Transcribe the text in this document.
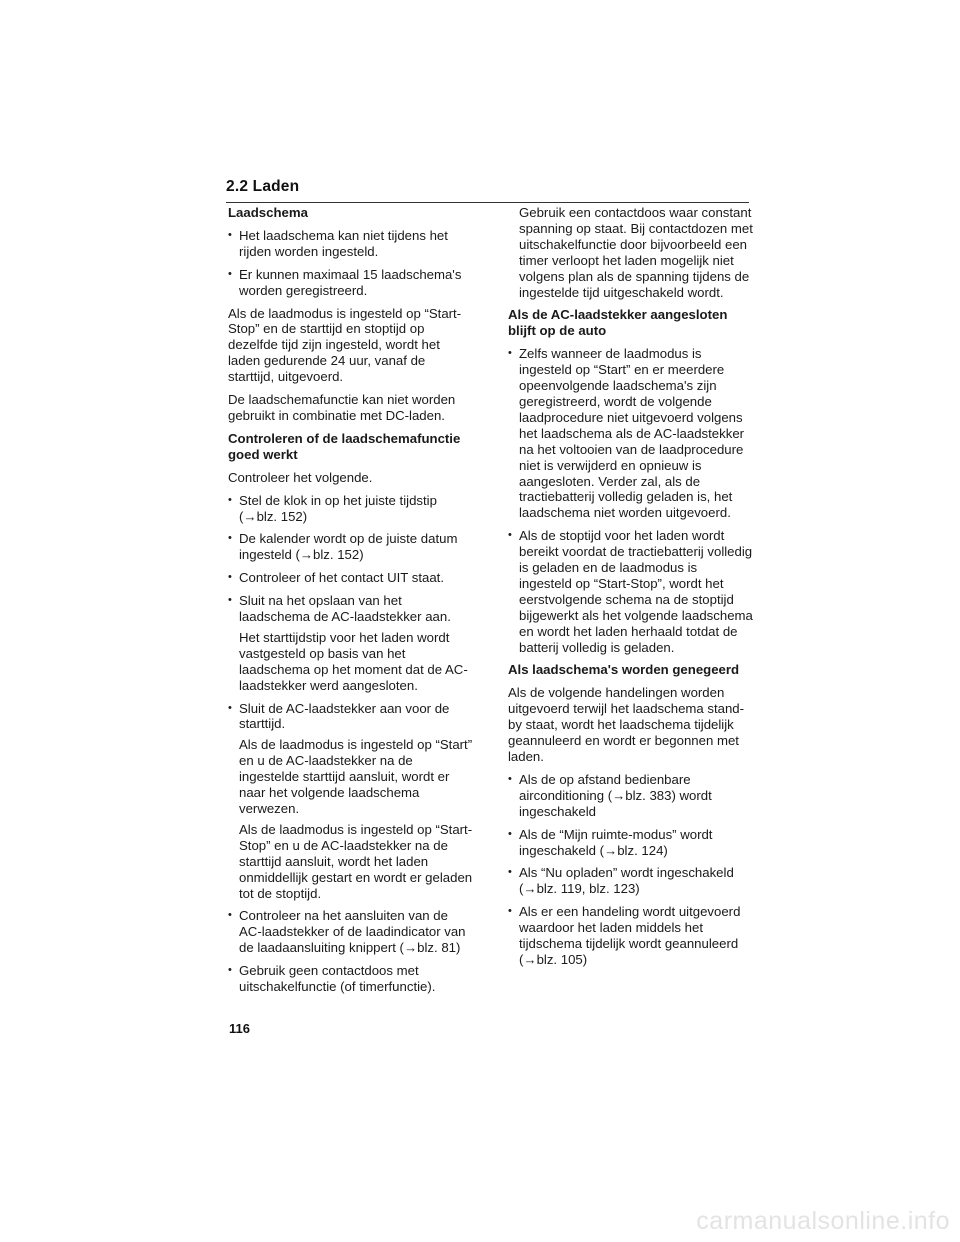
2.2 Laden
Laadschema
• Het laadschema kan niet tijdens het rijden worden ingesteld.
• Er kunnen maximaal 15 laadschema's worden geregistreerd.

Als de laadmodus is ingesteld op “Start-Stop” en de starttijd en stoptijd op dezelfde tijd zijn ingesteld, wordt het laden gedurende 24 uur, vanaf de starttijd, uitgevoerd.

De laadschemafunctie kan niet worden gebruikt in combinatie met DC-laden.

Controleren of de laadschemafunctie goed werkt

Controleer het volgende.

• Stel de klok in op het juiste tijdstip (→blz. 152)
• De kalender wordt op de juiste datum ingesteld (→blz. 152)
• Controleer of het contact UIT staat.
• Sluit na het opslaan van het laadschema de AC-laadstekker aan.

Het starttijdstip voor het laden wordt vastgesteld op basis van het laadschema op het moment dat de AC-laadstekker werd aangesloten.

• Sluit de AC-laadstekker aan voor de starttijd.

Als de laadmodus is ingesteld op “Start” en u de AC-laadstekker na de ingestelde starttijd aansluit, wordt er naar het volgende laadschema verwezen.

Als de laadmodus is ingesteld op “Start-Stop” en u de AC-laadstekker na de starttijd aansluit, wordt het laden onmiddellijk gestart en wordt er geladen tot de stoptijd.

• Controleer na het aansluiten van de AC-laadstekker of de laadindicator van de laadaansluiting knippert (→blz. 81)
• Gebruik geen contactdoos met uitschakelfunctie (of timerfunctie).

Gebruik een contactdoos waar constant spanning op staat. Bij contactdozen met uitschakelfunctie door bijvoorbeeld een timer verloopt het laden mogelijk niet volgens plan als de spanning tijdens de ingestelde tijd uitgeschakeld wordt.

Als de AC-laadstekker aangesloten blijft op de auto
• Zelfs wanneer de laadmodus is ingesteld op “Start” en er meerdere opeenvolgende laadschema's zijn geregistreerd, wordt de volgende laadprocedure niet uitgevoerd volgens het laadschema als de AC-laadstekker na het voltooien van de laadprocedure niet is verwijderd en opnieuw is aangesloten. Verder zal, als de tractiebatterij volledig geladen is, het laadschema niet worden uitgevoerd.
• Als de stoptijd voor het laden wordt bereikt voordat de tractiebatterij volledig is geladen en de laadmodus is ingesteld op “Start-Stop”, wordt het eerstvolgende schema na de stoptijd bijgewerkt als het volgende laadschema en wordt het laden herhaald totdat de batterij volledig is geladen.
Als laadschema's worden genegeerd

Als de volgende handelingen worden uitgevoerd terwijl het laadschema stand-by staat, wordt het laadschema tijdelijk geannuleerd en wordt er begonnen met laden.

• Als de op afstand bedienbare airconditioning (→blz. 383) wordt ingeschakeld
• Als de “Mijn ruimte-modus” wordt ingeschakeld (→blz. 124)
• Als “Nu opladen” wordt ingeschakeld (→blz. 119, blz. 123)
• Als er een handeling wordt uitgevoerd waardoor het laden middels het tijdschema tijdelijk wordt geannuleerd (→blz. 105)
116
carmanualsonline.info
